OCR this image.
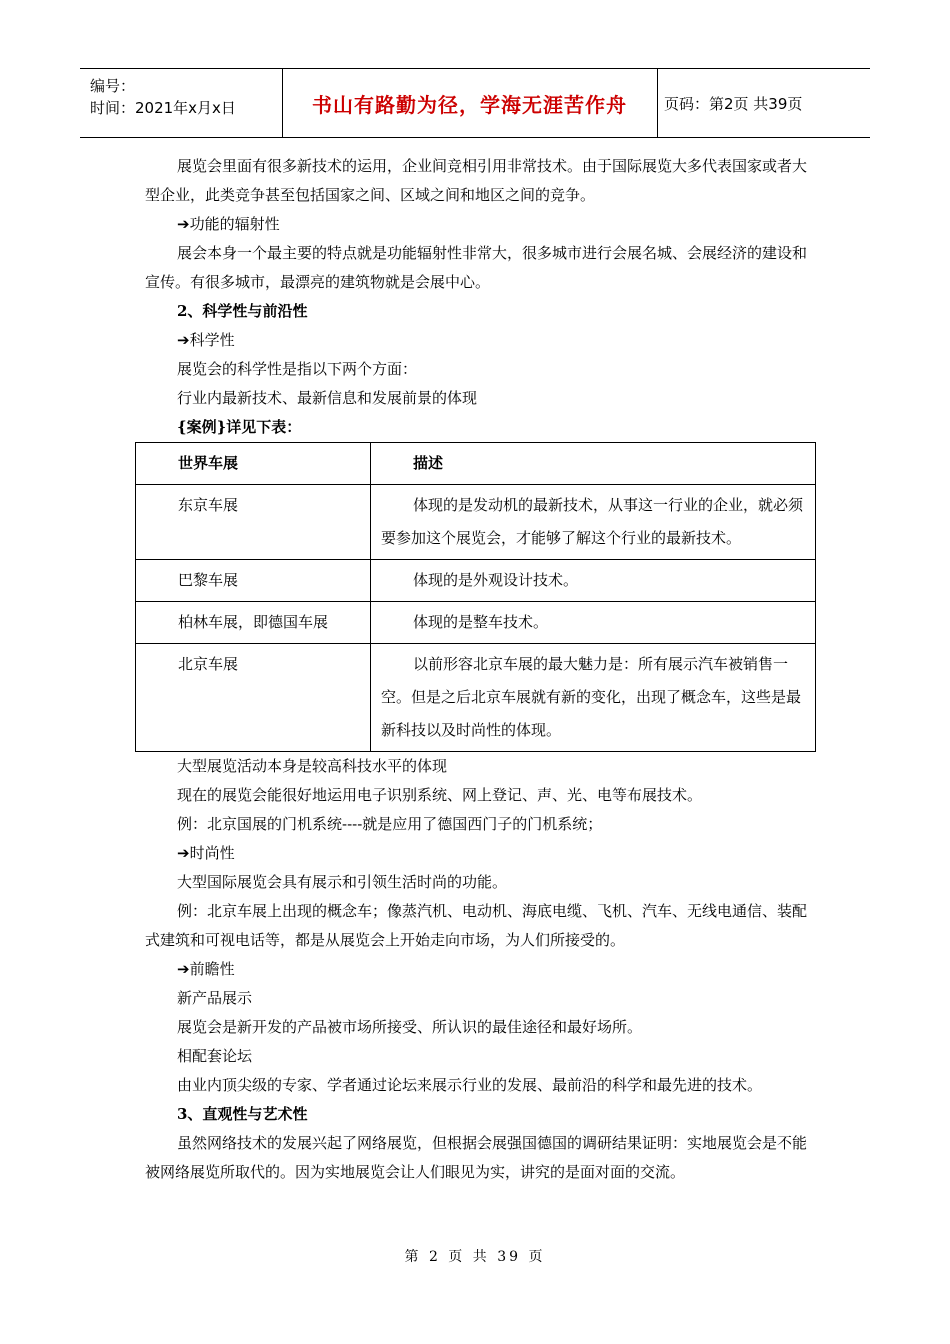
编号：
时间：2021年x月x日	书山有路勤为径，学海无涯苦作舟	页码：第2页 共39页

展览会里面有很多新技术的运用，企业间竞相引用非常技术。由于国际展览大多代表国家或者大型企业，此类竞争甚至包括国家之间、区域之间和地区之间的竞争。

➔功能的辐射性

展会本身一个最主要的特点就是功能辐射性非常大，很多城市进行会展名城、会展经济的建设和宣传。有很多城市，最漂亮的建筑物就是会展中心。

2、科学性与前沿性

➔科学性

展览会的科学性是指以下两个方面：

行业内最新技术、最新信息和发展前景的体现

{案例}详见下表：

世界车展	描述
东京车展	体现的是发动机的最新技术，从事这一行业的企业，就必须要参加这个展览会，才能够了解这个行业的最新技术。
巴黎车展	体现的是外观设计技术。
柏林车展，即德国车展	体现的是整车技术。
北京车展	以前形容北京车展的最大魅力是：所有展示汽车被销售一空。但是之后北京车展就有新的变化，出现了概念车，这些是最新科技以及时尚性的体现。

大型展览活动本身是较高科技水平的体现

现在的展览会能很好地运用电子识别系统、网上登记、声、光、电等布展技术。

例：北京国展的门机系统----就是应用了德国西门子的门机系统；

➔时尚性

大型国际展览会具有展示和引领生活时尚的功能。

例：北京车展上出现的概念车；像蒸汽机、电动机、海底电缆、飞机、汽车、无线电通信、装配式建筑和可视电话等，都是从展览会上开始走向市场，为人们所接受的。

➔前瞻性

新产品展示

展览会是新开发的产品被市场所接受、所认识的最佳途径和最好场所。

相配套论坛

由业内顶尖级的专家、学者通过论坛来展示行业的发展、最前沿的科学和最先进的技术。

3、直观性与艺术性

虽然网络技术的发展兴起了网络展览，但根据会展强国德国的调研结果证明：实地展览会是不能被网络展览所取代的。因为实地展览会让人们眼见为实，讲究的是面对面的交流。

第 2 页 共 39 页
